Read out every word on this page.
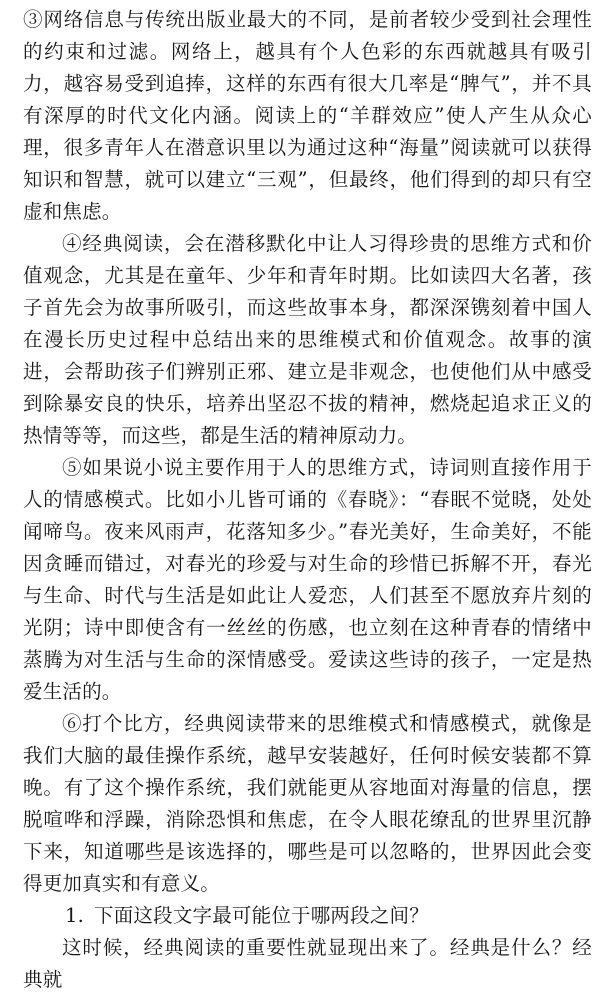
③网络信息与传统出版业最大的不同，是前者较少受到社会理性的约束和过滤。网络上，越具有个人色彩的东西就越具有吸引力，越容易受到追捧，这样的东西有很大几率是“脾气”，并不具有深厚的时代文化内涵。阅读上的“羊群效应”使人产生从众心理，很多青年人在潜意识里以为通过这种“海量”阅读就可以获得知识和智慧，就可以建立“三观”，但最终，他们得到的却只有空虚和焦虑。

④经典阅读，会在潜移默化中让人习得珍贵的思维方式和价值观念，尤其是在童年、少年和青年时期。比如读四大名著，孩子首先会为故事所吸引，而这些故事本身，都深深镌刻着中国人在漫长历史过程中总结出来的思维模式和价值观念。故事的演进，会帮助孩子们辨别正邪、建立是非观念，也使他们从中感受到除暴安良的快乐，培养出坚忍不拔的精神，燃烧起追求正义的热情等等，而这些，都是生活的精神原动力。

⑤如果说小说主要作用于人的思维方式，诗词则直接作用于人的情感模式。比如小儿皆可诵的《春晓》：“春眠不觉晓，处处闻啼鸟。夜来风雨声，花落知多少。”春光美好，生命美好，不能因贪睡而错过，对春光的珍爱与对生命的珍惜已拆解不开，春光与生命、时代与生活是如此让人爱恋，人们甚至不愿放弃片刻的光阴；诗中即使含有一丝丝的伤感，也立刻在这种青春的情绪中蒸腾为对生活与生命的深情感受。爱读这些诗的孩子，一定是热爱生活的。

⑥打个比方，经典阅读带来的思维模式和情感模式，就像是我们大脑的最佳操作系统，越早安装越好，任何时候安装都不算晚。有了这个操作系统，我们就能更从容地面对海量的信息，摆脱喧哗和浮躁，消除恐惧和焦虑，在令人眼花缭乱的世界里沉静下来，知道哪些是该选择的，哪些是可以忽略的，世界因此会变得更加真实和有意义。

1. 下面这段文字最可能位于哪两段之间？

这时候，经典阅读的重要性就显现出来了。经典是什么？经典就
